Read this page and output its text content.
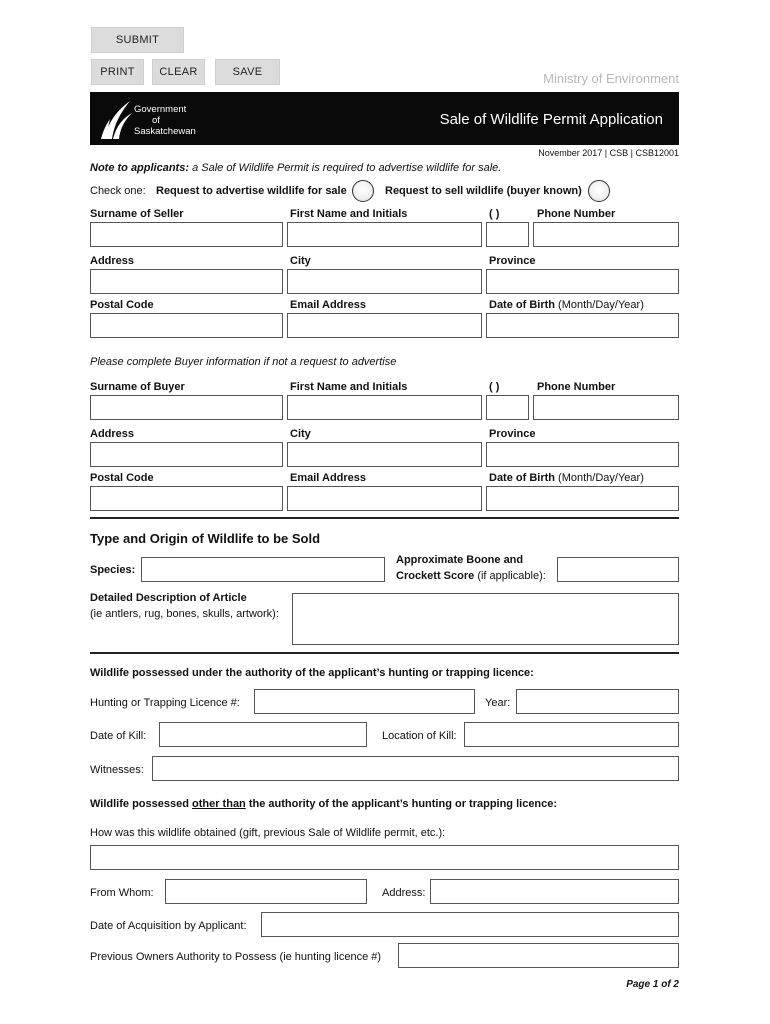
SUBMIT
PRINT	CLEAR	SAVE	Ministry of Environment
Government
of
Saskatchewan
Sale of Wildlife Permit Application
November 2017 | CSB | CSB12001
Note to applicants: a Sale of Wildlife Permit is required to advertise wildlife for sale.
Check one: Request to advertise wildlife for sale	Request to sell wildlife (buyer known)
Surname of Seller	First Name and Initials	( )	Phone Number
Address	City	Province
Postal Code	Email Address	Date of Birth (Month/Day/Year)
Please complete Buyer information if not a request to advertise
Surname of Buyer	First Name and Initials	( )	Phone Number
Address	City	Province
Postal Code	Email Address	Date of Birth (Month/Day/Year)
Type and Origin of Wildlife to be Sold
Species:
Approximate Boone and
Crockett Score (if applicable):
Detailed Description of Article
(ie antlers, rug, bones, skulls, artwork):
Wildlife possessed under the authority of the applicant’s hunting or trapping licence:
Hunting or Trapping Licence #:	Year:
Date of Kill:	Location of Kill:
Witnesses:
Wildlife possessed other than the authority of the applicant’s hunting or trapping licence:
How was this wildlife obtained (gift, previous Sale of Wildlife permit, etc.):
From Whom:	Address:
Date of Acquisition by Applicant:
Previous Owners Authority to Possess (ie hunting licence #)
Page 1 of 2
